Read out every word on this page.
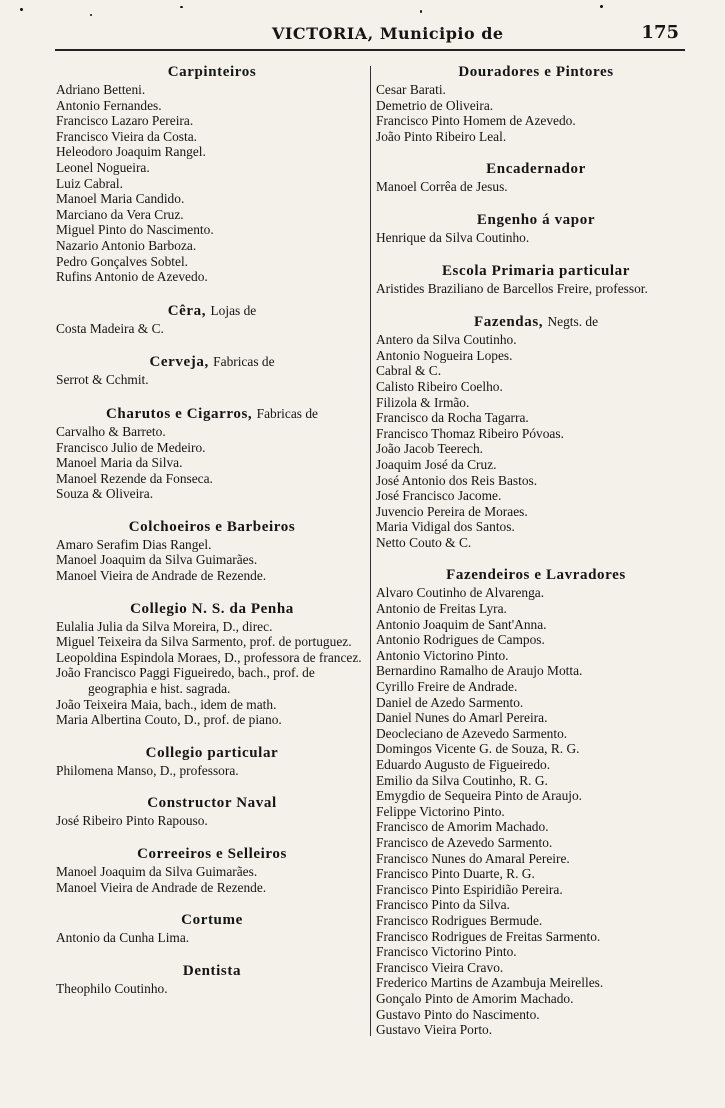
VICTORIA, Municipio de	175
Carpinteiros
Adriano Betteni.
Antonio Fernandes.
Francisco Lazaro Pereira.
Francisco Vieira da Costa.
Heleodoro Joaquim Rangel.
Leonel Nogueira.
Luiz Cabral.
Manoel Maria Candido.
Marciano da Vera Cruz.
Miguel Pinto do Nascimento.
Nazario Antonio Barboza.
Pedro Gonçalves Sobtel.
Rufins Antonio de Azevedo.
Cêra, Lojas de
Costa Madeira & C.
Cerveja, Fabricas de
Serrot & Cchmit.
Charutos e Cigarros, Fabricas de
Carvalho & Barreto.
Francisco Julio de Medeiro.
Manoel Maria da Silva.
Manoel Rezende da Fonseca.
Souza & Oliveira.
Colchoeiros e Barbeiros
Amaro Serafim Dias Rangel.
Manoel Joaquim da Silva Guimarães.
Manoel Vieira de Andrade de Rezende.
Collegio N. S. da Penha
Eulalia Julia da Silva Moreira, D., direc.
Miguel Teixeira da Silva Sarmento, prof. de portuguez.
Leopoldina Espindola Moraes, D., professora de francez.
João Francisco Paggi Figueiredo, bach., prof. de geographia e hist. sagrada.
João Teixeira Maia, bach., idem de math.
Maria Albertina Couto, D., prof. de piano.
Collegio particular
Philomena Manso, D., professora.
Constructor Naval
José Ribeiro Pinto Rapouso.
Correeiros e Selleiros
Manoel Joaquim da Silva Guimarães.
Manoel Vieira de Andrade de Rezende.
Cortume
Antonio da Cunha Lima.
Dentista
Theophilo Coutinho.
Douradores e Pintores
Cesar Barati.
Demetrio de Oliveira.
Francisco Pinto Homem de Azevedo.
João Pinto Ribeiro Leal.
Encadernador
Manoel Corrêa de Jesus.
Engenho á vapor
Henrique da Silva Coutinho.
Escola Primaria particular
Aristides Braziliano de Barcellos Freire, professor.
Fazendas, Negts. de
Antero da Silva Coutinho.
Antonio Nogueira Lopes.
Cabral & C.
Calisto Ribeiro Coelho.
Filizola & Irmão.
Francisco da Rocha Tagarra.
Francisco Thomaz Ribeiro Póvoas.
João Jacob Teerech.
Joaquim José da Cruz.
José Antonio dos Reis Bastos.
José Francisco Jacome.
Juvencio Pereira de Moraes.
Maria Vidigal dos Santos.
Netto Couto & C.
Fazendeiros e Lavradores
Alvaro Coutinho de Alvarenga.
Antonio de Freitas Lyra.
Antonio Joaquim de Sant'Anna.
Antonio Rodrigues de Campos.
Antonio Victorino Pinto.
Bernardino Ramalho de Araujo Motta.
Cyrillo Freire de Andrade.
Daniel de Azedo Sarmento.
Daniel Nunes do Amarl Pereira.
Deocleciano de Azevedo Sarmento.
Domingos Vicente G. de Souza, R. G.
Eduardo Augusto de Figueiredo.
Emilio da Silva Coutinho, R. G.
Emygdio de Sequeira Pinto de Araujo.
Felippe Victorino Pinto.
Francisco de Amorim Machado.
Francisco de Azevedo Sarmento.
Francisco Nunes do Amaral Pereire.
Francisco Pinto Duarte, R. G.
Francisco Pinto Espiridião Pereira.
Francisco Pinto da Silva.
Francisco Rodrigues Bermude.
Francisco Rodrigues de Freitas Sarmento.
Francisco Victorino Pinto.
Francisco Vieira Cravo.
Frederico Martins de Azambuja Meirelles.
Gonçalo Pinto de Amorim Machado.
Gustavo Pinto do Nascimento.
Gustavo Vieira Porto.
